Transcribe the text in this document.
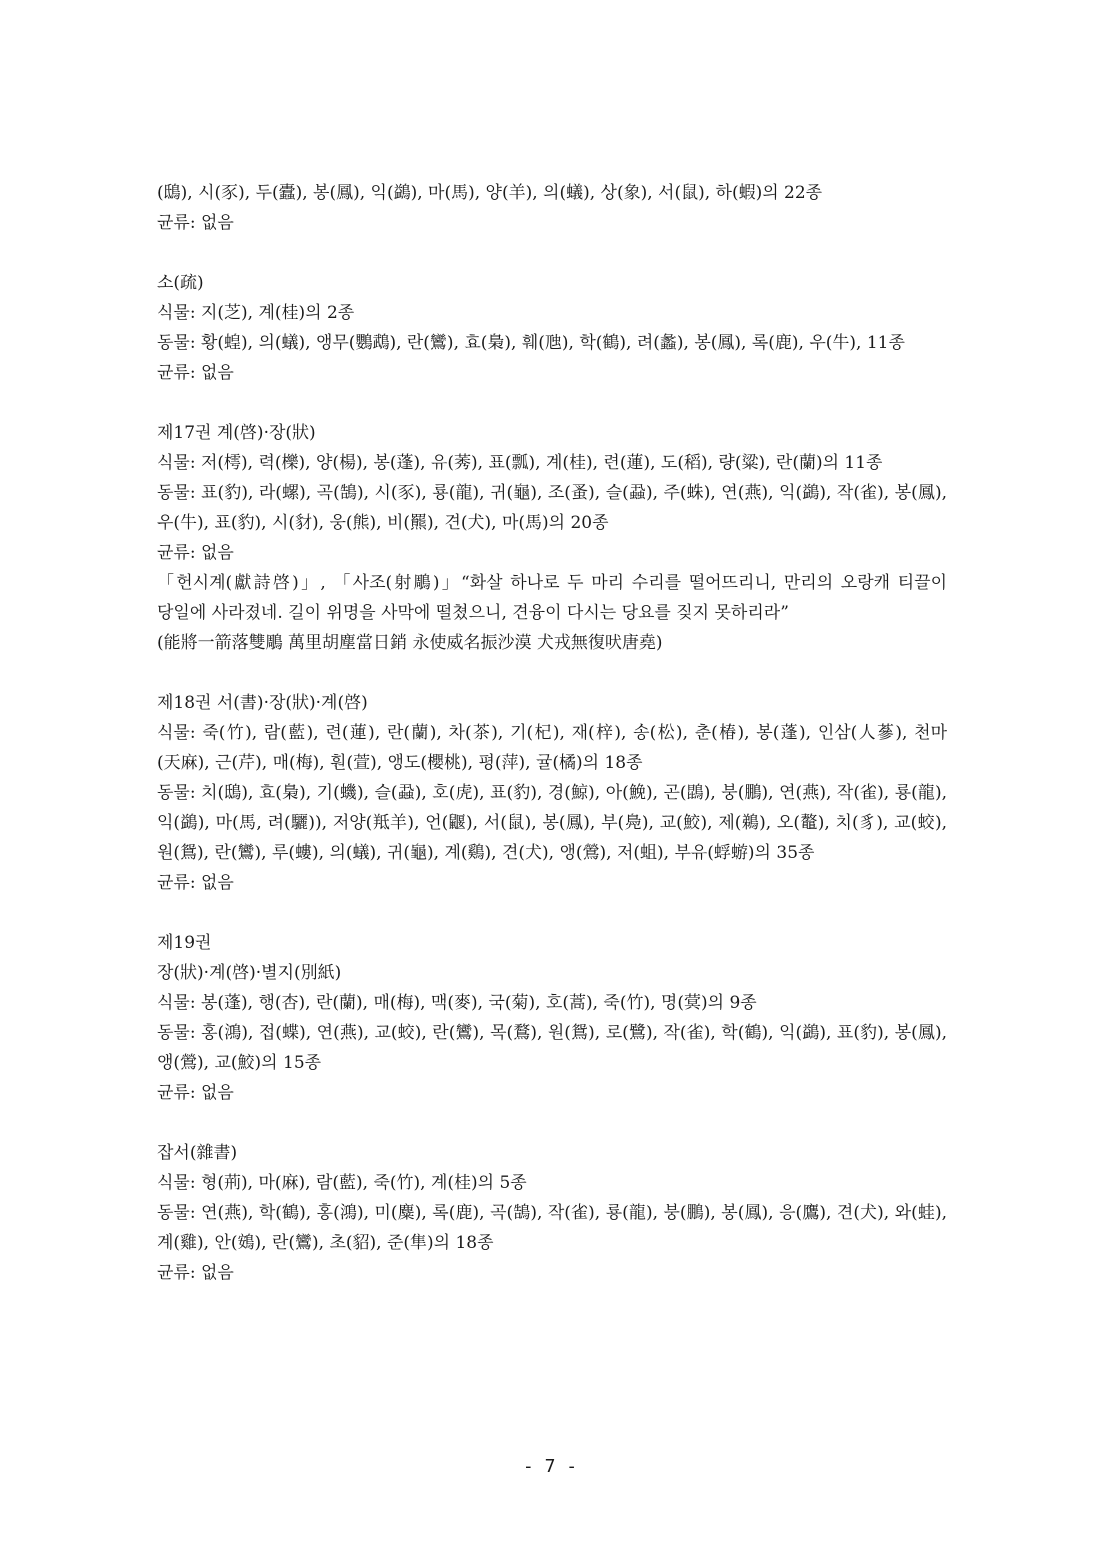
(鴟), 시(豕), 두(蠹), 봉(鳳), 익(鷁), 마(馬), 양(羊), 의(蟻), 상(象), 서(鼠), 하(蝦)의 22종
균류: 없음
소(疏)
식물: 지(芝), 계(桂)의 2종
동물: 황(蝗), 의(蟻), 앵무(鸚鵡), 란(鸞), 효(梟), 훼(虺), 학(鶴), 려(蠡), 봉(鳳), 록(鹿), 우(牛), 11종
균류: 없음
제17권 계(啓)·장(狀)
식물: 저(樗), 력(櫟), 양(楊), 봉(蓬), 유(莠), 표(瓢), 계(桂), 련(蓮), 도(稻), 량(粱), 란(蘭)의 11종
동물: 표(豹), 라(螺), 곡(鵠), 시(豕), 룡(龍), 귀(龜), 조(蚤), 슬(蝨), 주(蛛), 연(燕), 익(鷁), 작(雀), 봉(鳳), 우(牛), 표(豹), 시(豺), 웅(熊), 비(羆), 견(犬), 마(馬)의 20종
균류: 없음
「헌시계(獻詩啓)」, 「사조(射鵰)」“화살 하나로 두 마리 수리를 떨어뜨리니, 만리의 오랑캐 티끌이 당일에 사라졌네. 길이 위명을 사막에 떨쳤으니, 견융이 다시는 당요를 짖지 못하리라”
(能將一箭落雙鵰 萬里胡塵當日銷 永使威名振沙漠 犬戎無復吠唐堯)
제18권 서(書)·장(狀)·계(啓)
식물: 죽(竹), 람(藍), 련(蓮), 란(蘭), 차(茶), 기(杞), 재(梓), 송(松), 춘(椿), 봉(蓬), 인삼(人蔘), 천마(天麻), 근(芹), 매(梅), 훤(萱), 앵도(櫻桃), 평(萍), 귤(橘)의 18종
동물: 치(鴟), 효(梟), 기(蟣), 슬(蝨), 호(虎), 표(豹), 경(鯨), 아(鮸), 곤(鵾), 붕(鵬), 연(燕), 작(雀), 룡(龍), 익(鷁), 마(馬, 려(驪)), 저양(羝羊), 언(鼴), 서(鼠), 봉(鳳), 부(鳧), 교(鮫), 제(鵜), 오(鼇), 치(豸), 교(蛟), 원(鴛), 란(鸞), 루(螻), 의(蟻), 귀(龜), 계(鷄), 견(犬), 앵(鶯), 저(蛆), 부유(蜉蝣)의 35종
균류: 없음
제19권
장(狀)·계(啓)·별지(別紙)
식물: 봉(蓬), 행(杏), 란(蘭), 매(梅), 맥(麥), 국(菊), 호(蒿), 죽(竹), 명(蓂)의 9종
동물: 홍(鴻), 접(蝶), 연(燕), 교(蛟), 란(鸞), 목(鶩), 원(鴛), 로(鷺), 작(雀), 학(鶴), 익(鷁), 표(豹), 봉(鳳), 앵(鶯), 교(鮫)의 15종
균류: 없음
잡서(雜書)
식물: 형(荊), 마(麻), 람(藍), 죽(竹), 계(桂)의 5종
동물: 연(燕), 학(鶴), 홍(鴻), 미(麋), 록(鹿), 곡(鵠), 작(雀), 룡(龍), 붕(鵬), 봉(鳳), 응(鷹), 견(犬), 와(蛙), 계(雞), 안(鴳), 란(鸞), 초(貂), 준(隼)의 18종
균류: 없음
- 7 -
